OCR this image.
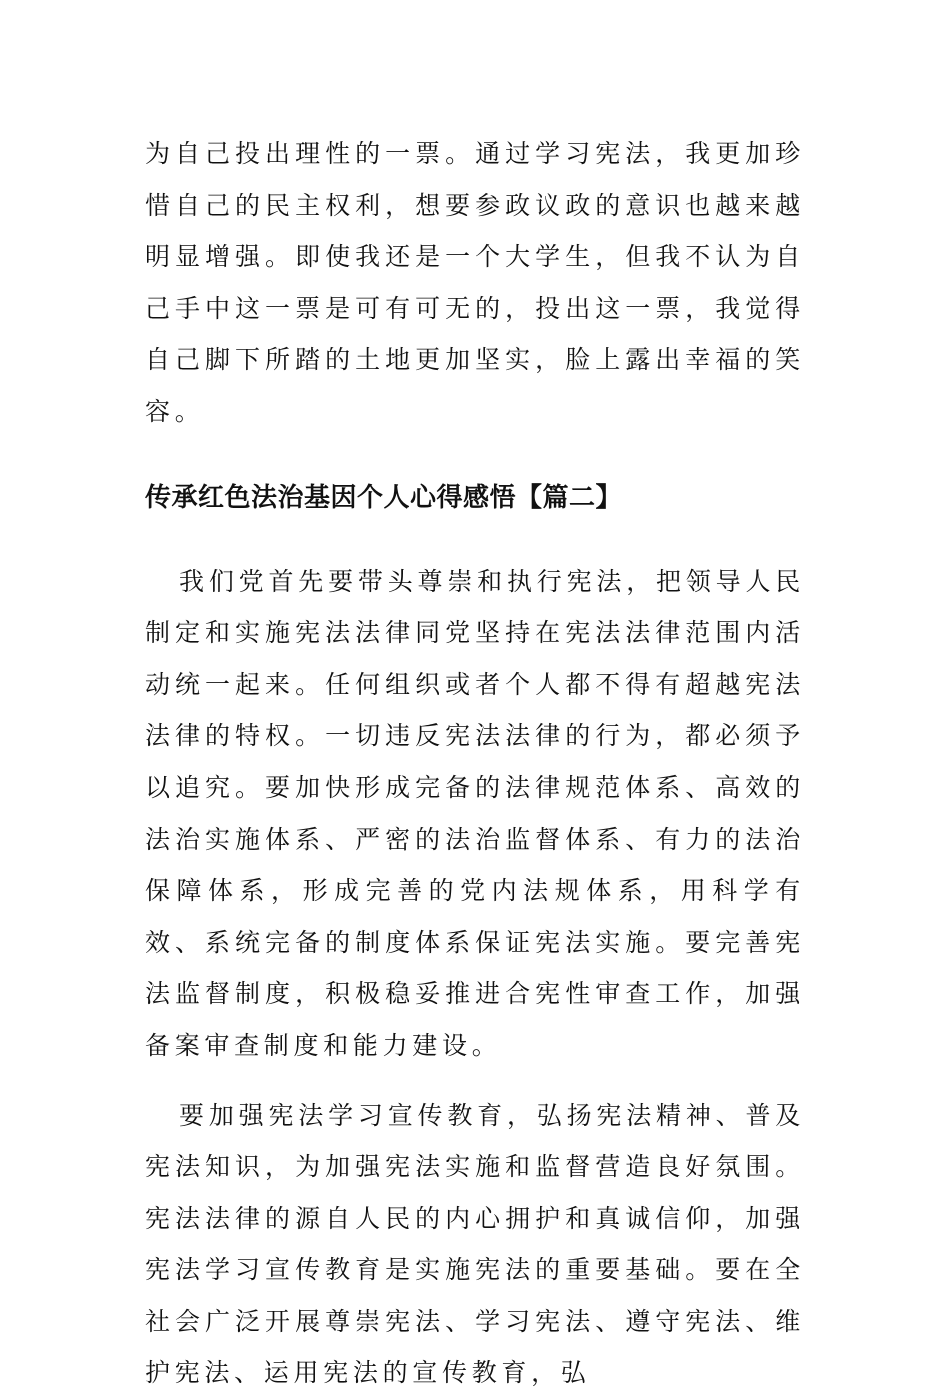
为自己投出理性的一票。通过学习宪法，我更加珍惜自己的民主权利，想要参政议政的意识也越来越明显增强。即使我还是一个大学生，但我不认为自己手中这一票是可有可无的，投出这一票，我觉得自己脚下所踏的土地更加坚实，脸上露出幸福的笑容。

传承红色法治基因个人心得感悟【篇二】

我们党首先要带头尊崇和执行宪法，把领导人民制定和实施宪法法律同党坚持在宪法法律范围内活动统一起来。任何组织或者个人都不得有超越宪法法律的特权。一切违反宪法法律的行为，都必须予以追究。要加快形成完备的法律规范体系、高效的法治实施体系、严密的法治监督体系、有力的法治保障体系，形成完善的党内法规体系，用科学有效、系统完备的制度体系保证宪法实施。要完善宪法监督制度，积极稳妥推进合宪性审查工作，加强备案审查制度和能力建设。

要加强宪法学习宣传教育，弘扬宪法精神、普及宪法知识，为加强宪法实施和监督营造良好氛围。宪法法律的源自人民的内心拥护和真诚信仰，加强宪法学习宣传教育是实施宪法的重要基础。要在全社会广泛开展尊崇宪法、学习宪法、遵守宪法、维护宪法、运用宪法的宣传教育，弘
